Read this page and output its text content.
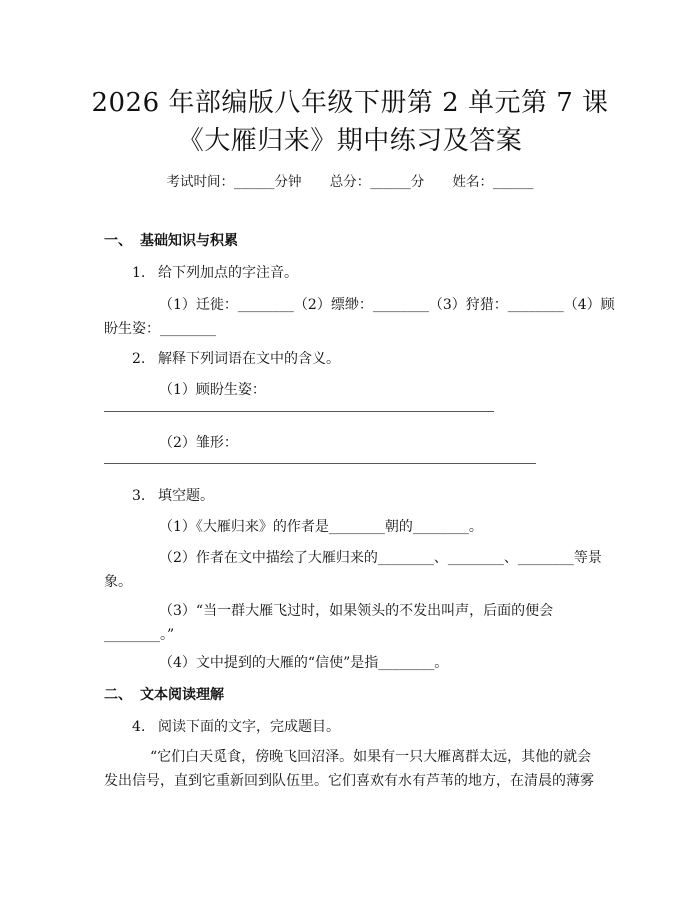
2026 年部编版八年级下册第 2 单元第 7 课
《大雁归来》期中练习及答案
考试时间：______分钟 总分：______分 姓名：______
一、 基础知识与积累
1. 给下列加点的字注音。
（1）迁徙：________（2）缥缈：________（3）狩猎：________（4）顾
盼生姿：________
2. 解释下列词语在文中的含义。
（1）顾盼生姿：
（2）雏形：
3. 填空题。
（1）《大雁归来》的作者是________朝的________。
（2）作者在文中描绘了大雁归来的________、________、________等景
象。
（3）“当一群大雁飞过时，如果领头的不发出叫声，后面的便会
________。”
（4）文中提到的大雁的“信使”是指________。
二、 文本阅读理解
4. 阅读下面的文字，完成题目。
“它们白天觅食，傍晚飞回沼泽。如果有一只大雁离群太远，其他的就会
发出信号，直到它重新回到队伍里。它们喜欢有水有芦苇的地方，在清晨的薄雾
